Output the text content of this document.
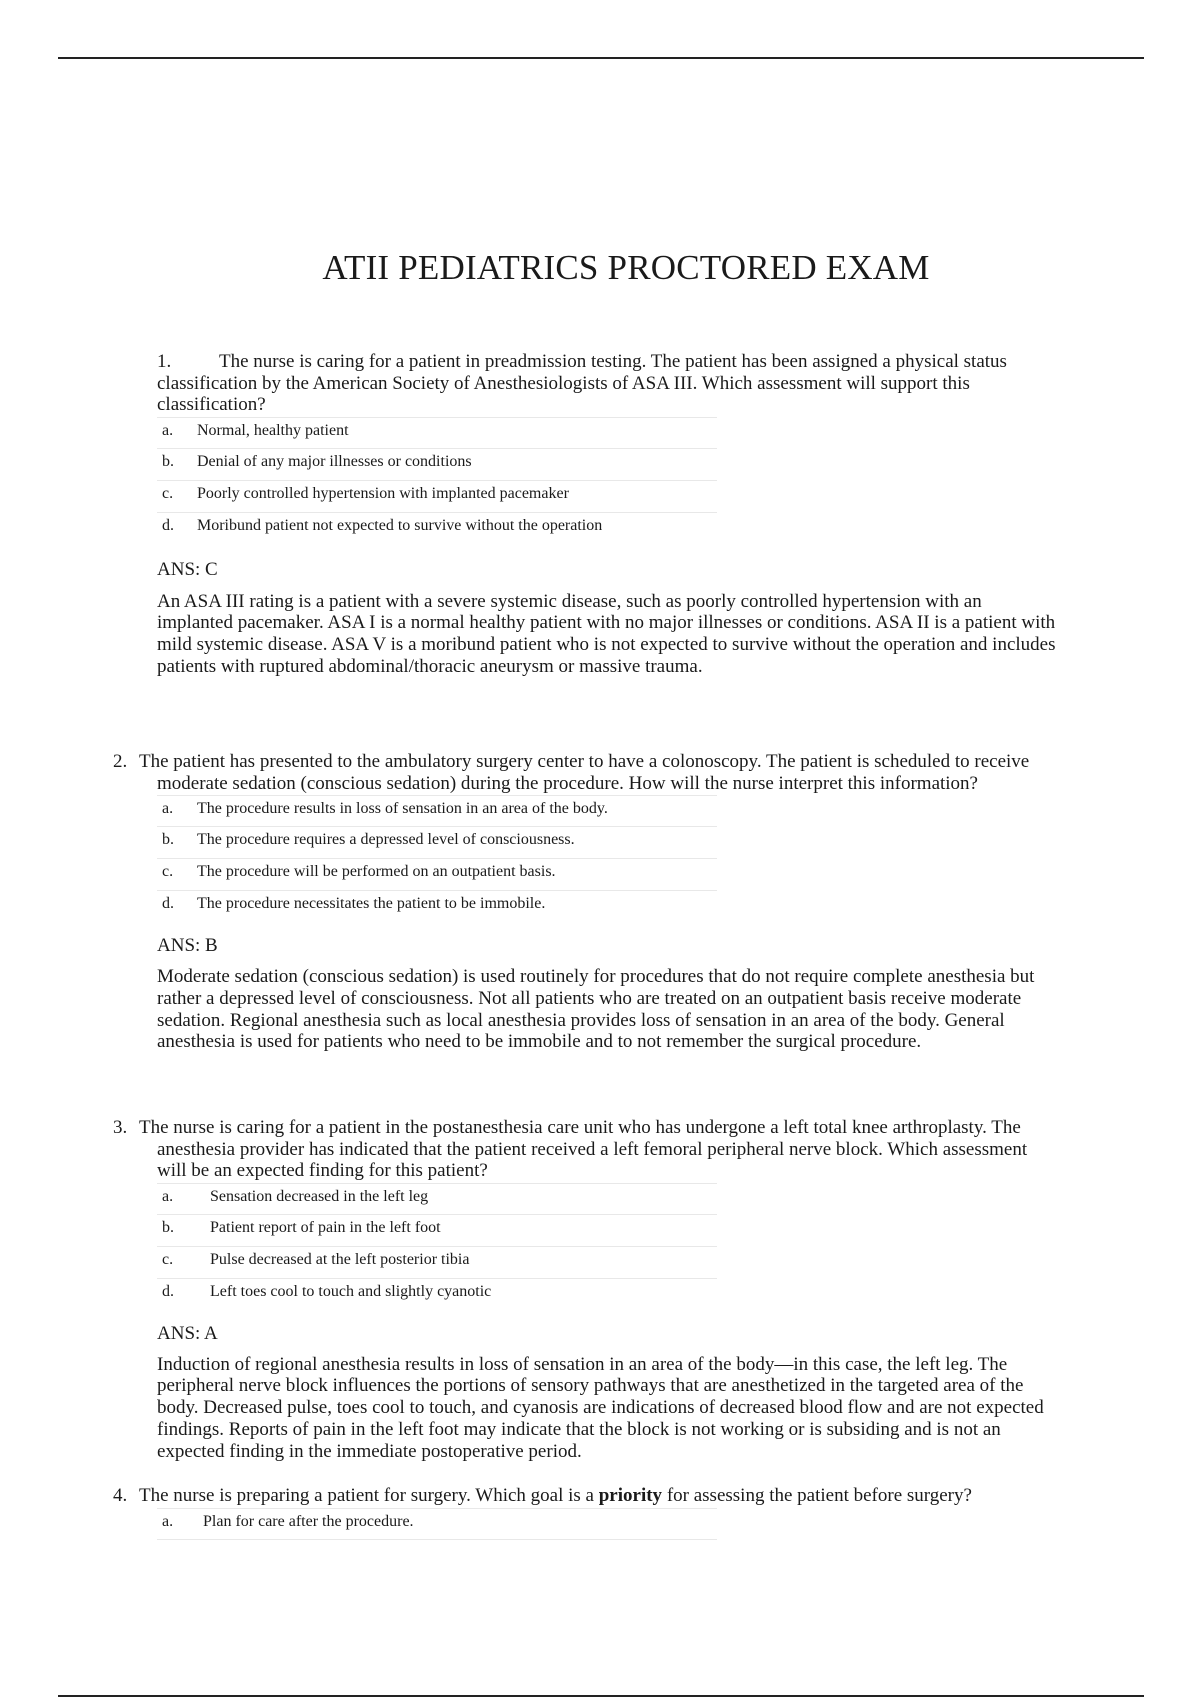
ATII PEDIATRICS PROCTORED EXAM

1.	The nurse is caring for a patient in preadmission testing. The patient has been assigned a physical status classification by the American Society of Anesthesiologists of ASA III. Which assessment will support this classification?

a.	Normal, healthy patient
b.	Denial of any major illnesses or conditions
c.	Poorly controlled hypertension with implanted pacemaker
d.	Moribund patient not expected to survive without the operation

ANS: C

An ASA III rating is a patient with a severe systemic disease, such as poorly controlled hypertension with an implanted pacemaker. ASA I is a normal healthy patient with no major illnesses or conditions. ASA II is a patient with mild systemic disease. ASA V is a moribund patient who is not expected to survive without the operation and includes patients with ruptured abdominal/thoracic aneurysm or massive trauma.

2. The patient has presented to the ambulatory surgery center to have a colonoscopy. The patient is scheduled to receive moderate sedation (conscious sedation) during the procedure. How will the nurse interpret this information?

a.	The procedure results in loss of sensation in an area of the body.
b.	The procedure requires a depressed level of consciousness.
c.	The procedure will be performed on an outpatient basis.
d.	The procedure necessitates the patient to be immobile.

ANS: B

Moderate sedation (conscious sedation) is used routinely for procedures that do not require complete anesthesia but rather a depressed level of consciousness. Not all patients who are treated on an outpatient basis receive moderate sedation. Regional anesthesia such as local anesthesia provides loss of sensation in an area of the body. General anesthesia is used for patients who need to be immobile and to not remember the surgical procedure.

3. The nurse is caring for a patient in the postanesthesia care unit who has undergone a left total knee arthroplasty. The anesthesia provider has indicated that the patient received a left femoral peripheral nerve block. Which assessment will be an expected finding for this patient?

a.	Sensation decreased in the left leg
b.	Patient report of pain in the left foot
c.	Pulse decreased at the left posterior tibia
d.	Left toes cool to touch and slightly cyanotic

ANS: A

Induction of regional anesthesia results in loss of sensation in an area of the body—in this case, the left leg. The peripheral nerve block influences the portions of sensory pathways that are anesthetized in the targeted area of the body. Decreased pulse, toes cool to touch, and cyanosis are indications of decreased blood flow and are not expected findings. Reports of pain in the left foot may indicate that the block is not working or is subsiding and is not an expected finding in the immediate postoperative period.

4. The nurse is preparing a patient for surgery. Which goal is a priority for assessing the patient before surgery?

a.	Plan for care after the procedure.
